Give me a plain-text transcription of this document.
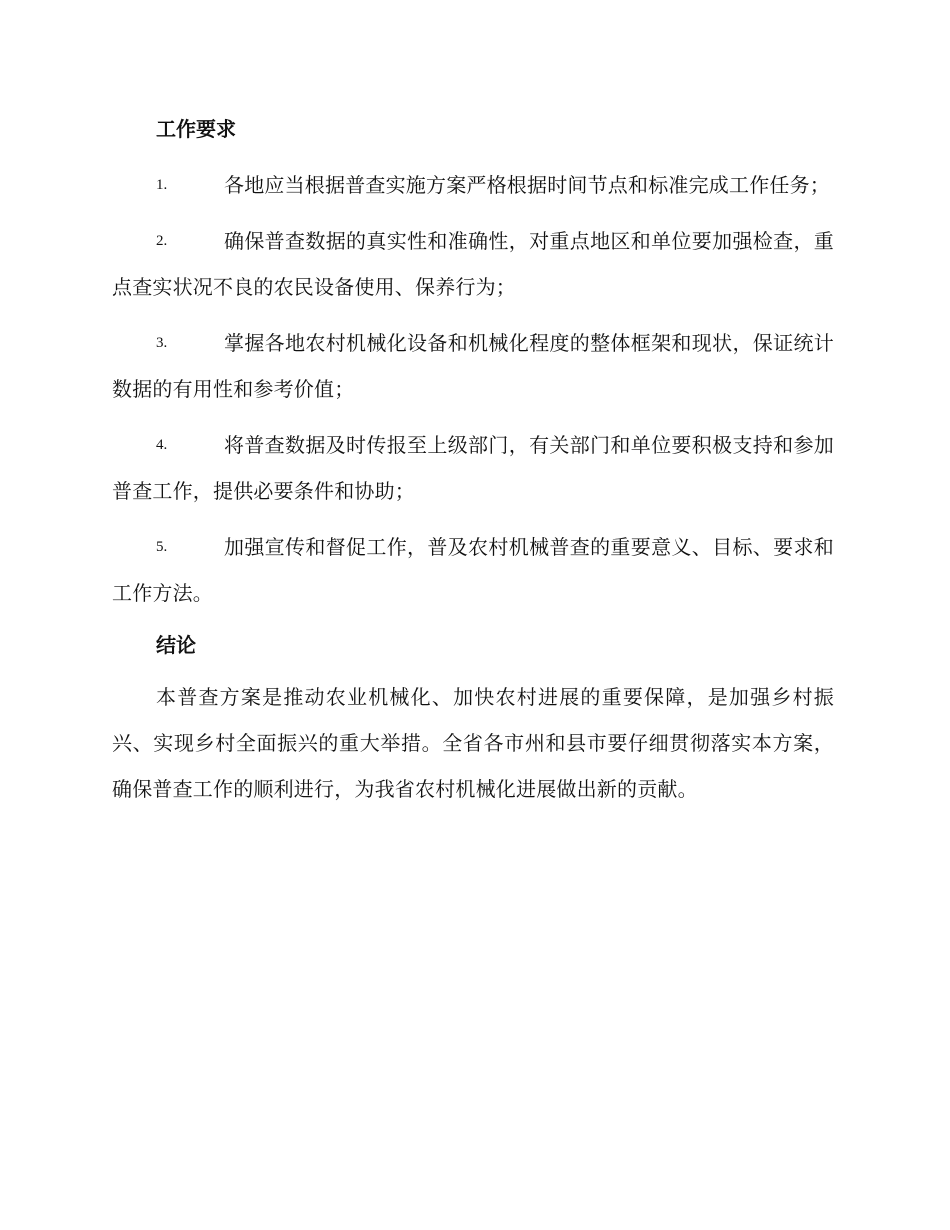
工作要求
1.	各地应当根据普查实施方案严格根据时间节点和标准完成工作任务；
2.	确保普查数据的真实性和准确性，对重点地区和单位要加强检查，重点查实状况不良的农民设备使用、保养行为；
3.	掌握各地农村机械化设备和机械化程度的整体框架和现状，保证统计数据的有用性和参考价值；
4.	将普查数据及时传报至上级部门，有关部门和单位要积极支持和参加普查工作，提供必要条件和协助；
5.	加强宣传和督促工作，普及农村机械普查的重要意义、目标、要求和工作方法。
结论

本普查方案是推动农业机械化、加快农村进展的重要保障，是加强乡村振兴、实现乡村全面振兴的重大举措。全省各市州和县市要仔细贯彻落实本方案，确保普查工作的顺利进行，为我省农村机械化进展做出新的贡献。
